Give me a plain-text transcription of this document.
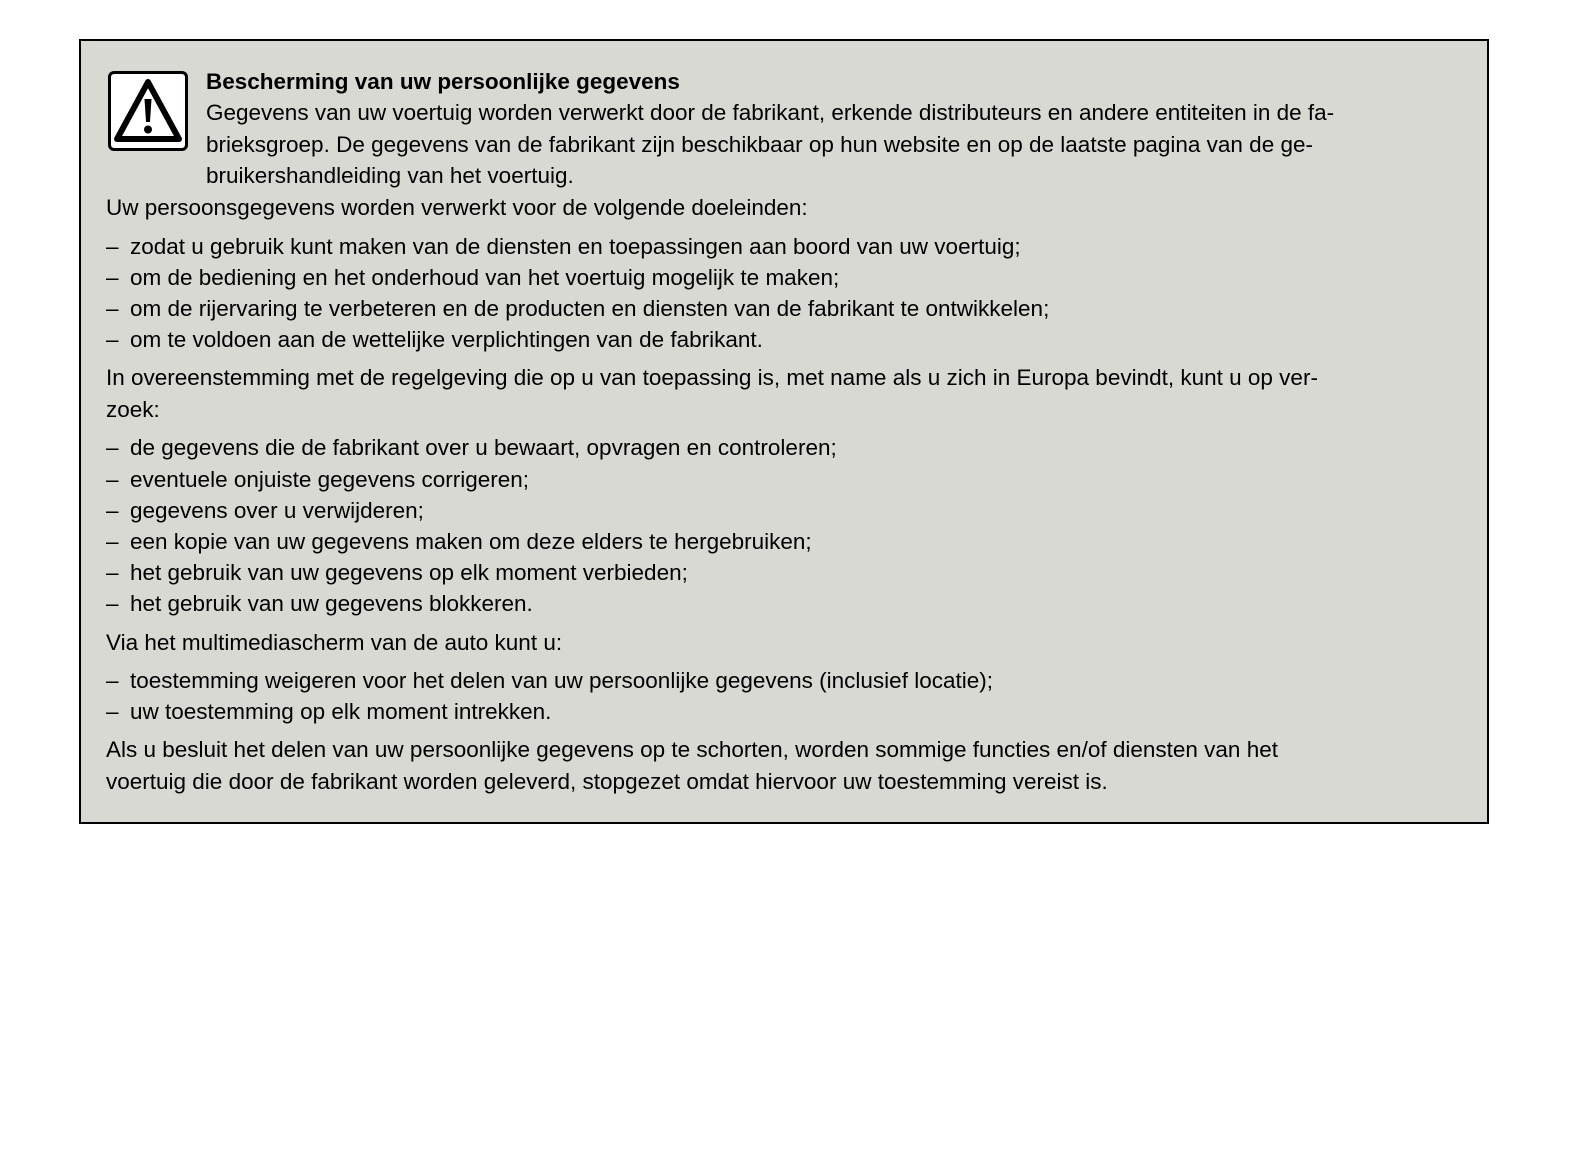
Bescherming van uw persoonlijke gegevens

Gegevens van uw voertuig worden verwerkt door de fabrikant, erkende distributeurs en andere entiteiten in de fa-

brieksgroep. De gegevens van de fabrikant zijn beschikbaar op hun website en op de laatste pagina van de ge-

bruikershandleiding van het voertuig.

Uw persoonsgegevens worden verwerkt voor de volgende doeleinden:

– zodat u gebruik kunt maken van de diensten en toepassingen aan boord van uw voertuig;
– om de bediening en het onderhoud van het voertuig mogelijk te maken;
– om de rijervaring te verbeteren en de producten en diensten van de fabrikant te ontwikkelen;
– om te voldoen aan de wettelijke verplichtingen van de fabrikant.

In overeenstemming met de regelgeving die op u van toepassing is, met name als u zich in Europa bevindt, kunt u op ver-

zoek:

– de gegevens die de fabrikant over u bewaart, opvragen en controleren;
– eventuele onjuiste gegevens corrigeren;
– gegevens over u verwijderen;
– een kopie van uw gegevens maken om deze elders te hergebruiken;
– het gebruik van uw gegevens op elk moment verbieden;
– het gebruik van uw gegevens blokkeren.

Via het multimediascherm van de auto kunt u:

– toestemming weigeren voor het delen van uw persoonlijke gegevens (inclusief locatie);
– uw toestemming op elk moment intrekken.

Als u besluit het delen van uw persoonlijke gegevens op te schorten, worden sommige functies en/of diensten van het

voertuig die door de fabrikant worden geleverd, stopgezet omdat hiervoor uw toestemming vereist is.
